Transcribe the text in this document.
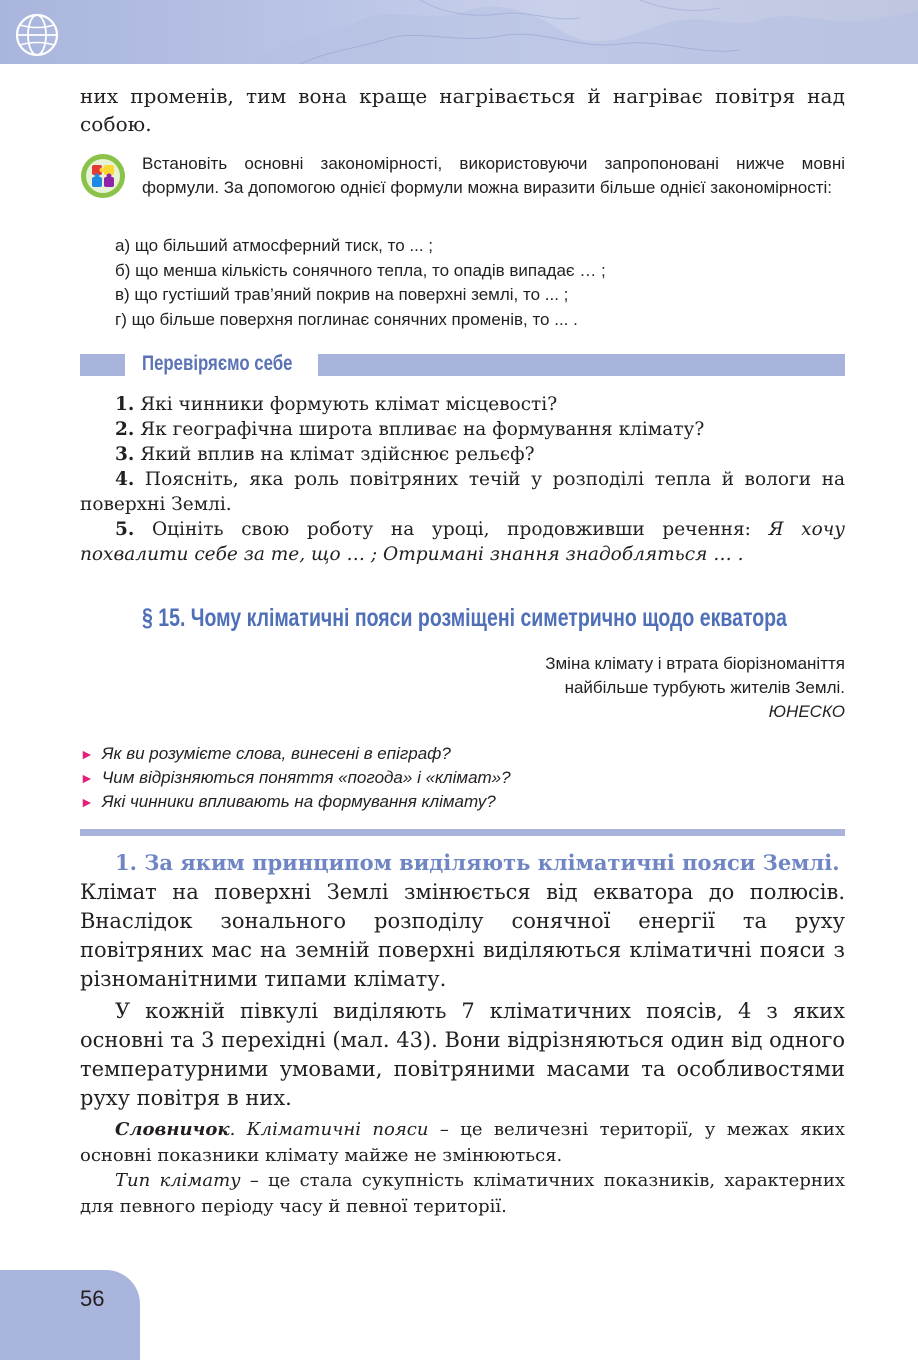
них променів, тим вона краще нагрівається й нагріває повітря над собою.
Встановіть основні закономірності, використовуючи запропоновані нижче мовні формули. За допомогою однієї формули можна виразити більше однієї закономірності:
а) що більший атмосферний тиск, то ... ;
б) що менша кількість сонячного тепла, то опадів випадає … ;
в) що густіший трав’яний покрив на поверхні землі, то ... ;
г) що більше поверхня поглинає сонячних променів, то ... .
Перевіряємо себе

1. Які чинники формують клімат місцевості?

2. Як географічна широта впливає на формування клімату?

3. Який вплив на клімат здійснює рельєф?

4. Поясніть, яка роль повітряних течій у розподілі тепла й вологи на поверхні Землі.

5. Оцініть свою роботу на уроці, продовживши речення: Я хочу похвалити себе за те, що … ; Отримані знання знадобляться … .

§ 15. Чому кліматичні пояси розміщені симетрично щодо екватора
Зміна клімату і втрата біорізноманіття
найбільше турбують жителів Землі.
ЮНЕСКО
► Як ви розумієте слова, винесені в епіграф?
► Чим відрізняються поняття «погода» і «клімат»?
► Які чинники впливають на формування клімату?

1. За яким принципом виділяють кліматичні пояси Землі.

Клімат на поверхні Землі змінюється від екватора до полюсів. Внаслідок зонального розподілу сонячної енергії та руху повітряних мас на земній поверхні виділяються кліматичні пояси з різноманітними типами клімату.

У кожній півкулі виділяють 7 кліматичних поясів, 4 з яких основні та 3 перехідні (мал. 43). Вони відрізняються один від одного температурними умовами, повітряними масами та особливостями руху повітря в них.

Словничок. Кліматичні пояси – це величезні території, у межах яких основні показники клімату майже не змінюються.

Тип клімату – це стала сукупність кліматичних показників, характерних для певного періоду часу й певної території.

56
